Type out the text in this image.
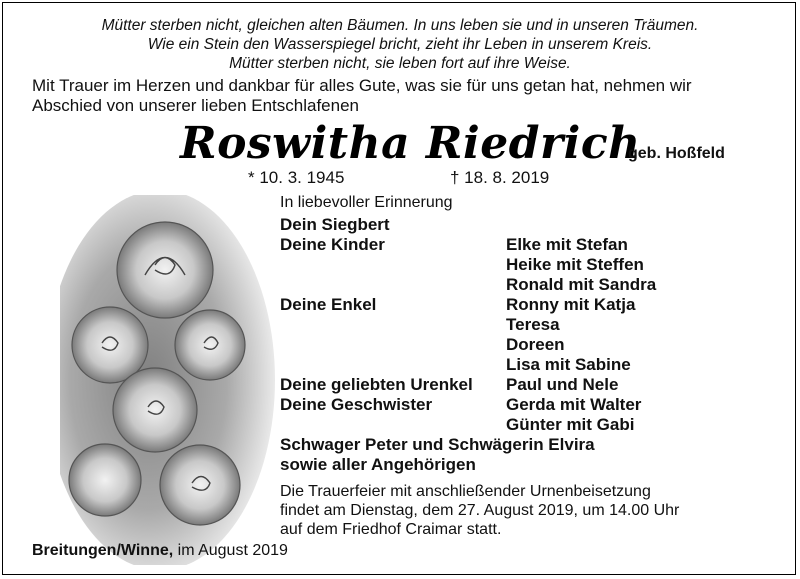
Mütter sterben nicht, gleichen alten Bäumen. In uns leben sie und in unseren Träumen.
Wie ein Stein den Wasserspiegel bricht, zieht ihr Leben in unserem Kreis.
Mütter sterben nicht, sie leben fort auf ihre Weise.
Mit Trauer im Herzen und dankbar für alles Gute, was sie für uns getan hat, nehmen wir
Abschied von unserer lieben Entschlafenen
Roswitha Riedrich
geb. Hoßfeld
* 10. 3. 1945	† 18. 8. 2019
In liebevoller Erinnerung
Dein Siegbert
Deine Kinder	Elke mit Stefan
Heike mit Steffen
Ronald mit Sandra
Deine Enkel	Ronny mit Katja
Teresa
Doreen
Lisa mit Sabine
Deine geliebten Urenkel Paul und Nele
Deine Geschwister	Gerda mit Walter
Günter mit Gabi
Schwager Peter und Schwägerin Elvira
sowie aller Angehörigen
Die Trauerfeier mit anschließender Urnenbeisetzung
findet am Dienstag, dem 27. August 2019, um 14.00 Uhr
auf dem Friedhof Craimar statt.
Breitungen/Winne, im August 2019
